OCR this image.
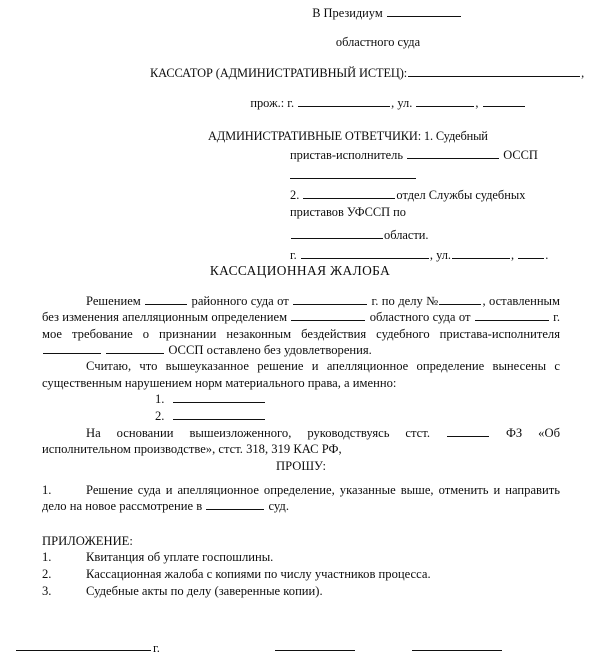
В Президиум
областного суда
КАССАТОР (АДМИНИСТРАТИВНЫЙ ИСТЕЦ):	,
прож.: г.	, ул.	,
АДМИНИСТРАТИВНЫЕ ОТВЕТЧИКИ: 1. Судебный
пристав-исполнитель	ОССП
2.	отдел Службы судебных
приставов УФССП по
области.
г.	, ул.	,	.
КАССАЦИОННАЯ ЖАЛОБА

Решением	районного суда от	г. по делу №	, оставленным без изменения апелляционным определением	областного суда от	г. мое требование о признании незаконным бездействия судебного пристава-исполнителя   ОССП оставлено без удовлетворения.

Считаю, что вышеуказанное решение и апелляционное определение вынесены с существенным нарушением норм материального права, а именно:

1.

2.

На основании вышеизложенного, руководствуясь стст.	ФЗ «Об исполнительном производстве», стст. 318, 319 КАС РФ,

ПРОШУ:

1.	Решение суда и апелляционное определение, указанные выше, отменить и направить дело на новое рассмотрение в	суд.

ПРИЛОЖЕНИЕ:

1.	Квитанция об уплате госпошлины.

2.	Кассационная жалоба с копиями по числу участников процесса.

3.	Судебные акты по делу (заверенные копии).

г.
